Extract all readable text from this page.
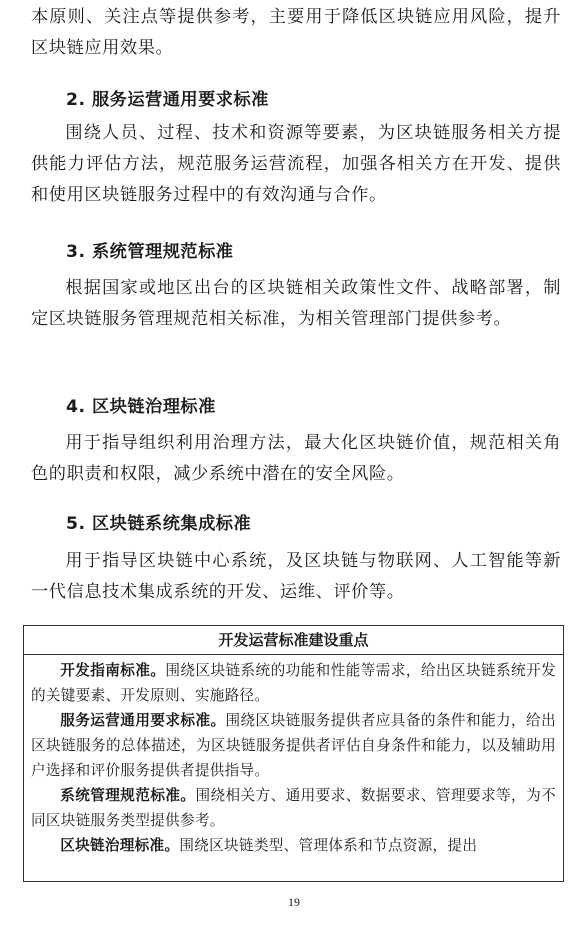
本原则、关注点等提供参考，主要用于降低区块链应用风险，提升区块链应用效果。
2. 服务运营通用要求标准
围绕人员、过程、技术和资源等要素，为区块链服务相关方提供能力评估方法，规范服务运营流程，加强各相关方在开发、提供和使用区块链服务过程中的有效沟通与合作。
3. 系统管理规范标准
根据国家或地区出台的区块链相关政策性文件、战略部署，制定区块链服务管理规范相关标准，为相关管理部门提供参考。
4. 区块链治理标准
用于指导组织利用治理方法，最大化区块链价值，规范相关角色的职责和权限，减少系统中潜在的安全风险。
5. 区块链系统集成标准
用于指导区块链中心系统，及区块链与物联网、人工智能等新一代信息技术集成系统的开发、运维、评价等。
开发运营标准建设重点
开发指南标准。围绕区块链系统的功能和性能等需求，给出区块链系统开发的关键要素、开发原则、实施路径。
服务运营通用要求标准。围绕区块链服务提供者应具备的条件和能力，给出区块链服务的总体描述，为区块链服务提供者评估自身条件和能力，以及辅助用户选择和评价服务提供者提供指导。
系统管理规范标准。围绕相关方、通用要求、数据要求、管理要求等，为不同区块链服务类型提供参考。
区块链治理标准。围绕区块链类型、管理体系和节点资源，提出
19
